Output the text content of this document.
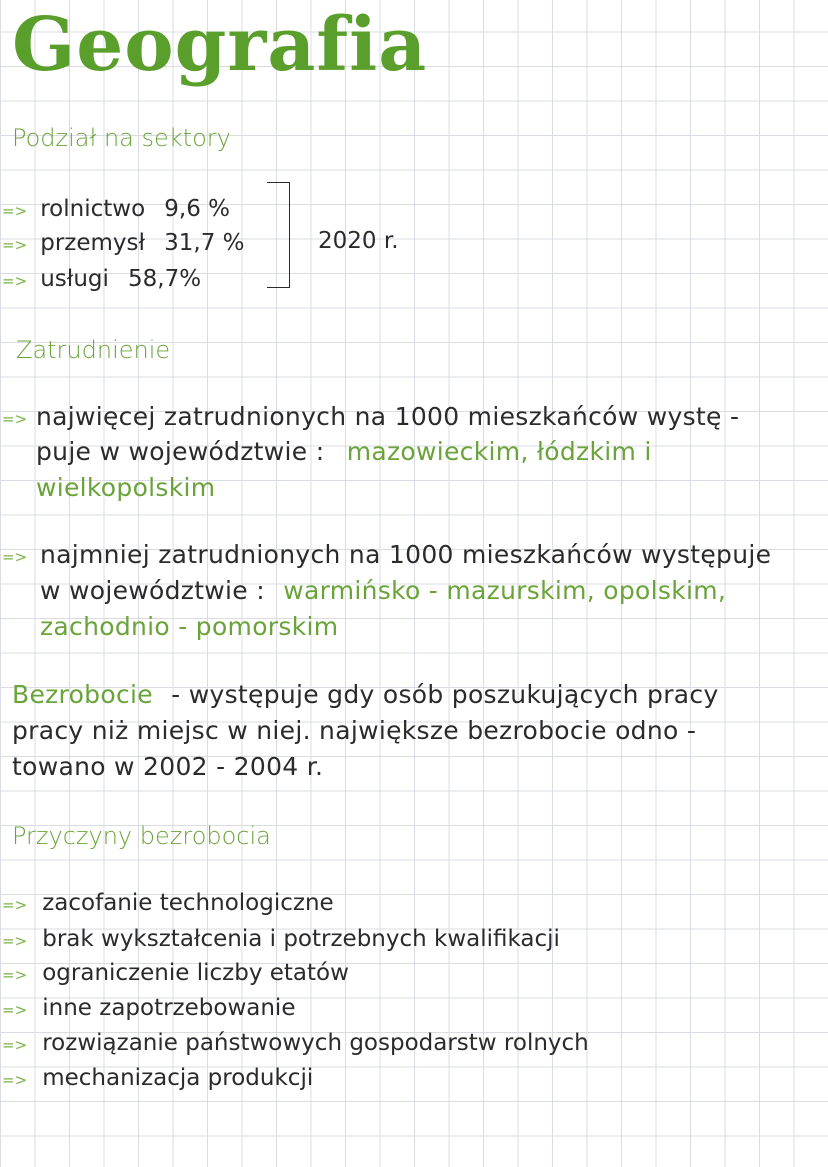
Geografia
Podział na sektory
=> rolnictwo 9,6 %
=> przemysł 31,7 %
=> usługi 58,7%
2020 r.
Zatrudnienie
=> najwięcej zatrudnionych na 1000 mieszkańców wystę -
puje w województwie : mazowieckim, łódzkim i
wielkopolskim
=> najmniej zatrudnionych na 1000 mieszkańców występuje
w województwie : warmińsko - mazurskim, opolskim,
zachodnio - pomorskim
Bezrobocie - występuje gdy osób poszukujących pracy
pracy niż miejsc w niej. największe bezrobocie odno -
towano w 2002 - 2004 r.
Przyczyny bezrobocia
=> zacofanie technologiczne
=> brak wykształcenia i potrzebnych kwalifikacji
=> ograniczenie liczby etatów
=> inne zapotrzebowanie
=> rozwiązanie państwowych gospodarstw rolnych
=> mechanizacja produkcji
